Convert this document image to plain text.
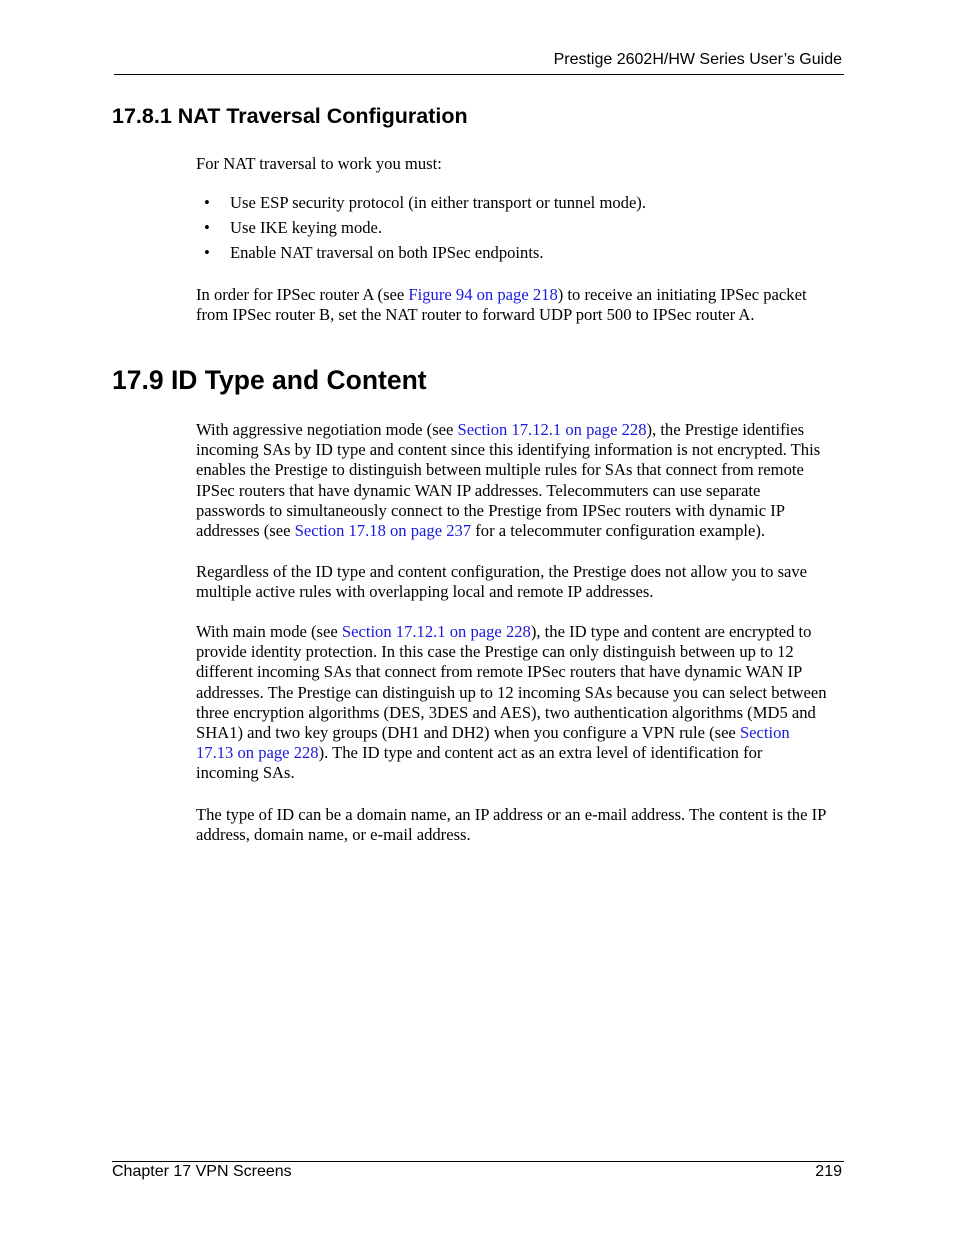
Prestige 2602H/HW Series User’s Guide
17.8.1 NAT Traversal Configuration

For NAT traversal to work you must:

• Use ESP security protocol (in either transport or tunnel mode).
• Use IKE keying mode.
• Enable NAT traversal on both IPSec endpoints.

In order for IPSec router A (see Figure 94 on page 218) to receive an initiating IPSec packet
from IPSec router B, set the NAT router to forward UDP port 500 to IPSec router A.

17.9 ID Type and Content

With aggressive negotiation mode (see Section 17.12.1 on page 228), the Prestige identifies
incoming SAs by ID type and content since this identifying information is not encrypted. This
enables the Prestige to distinguish between multiple rules for SAs that connect from remote
IPSec routers that have dynamic WAN IP addresses. Telecommuters can use separate
passwords to simultaneously connect to the Prestige from IPSec routers with dynamic IP
addresses (see Section 17.18 on page 237 for a telecommuter configuration example).

Regardless of the ID type and content configuration, the Prestige does not allow you to save
multiple active rules with overlapping local and remote IP addresses.

With main mode (see Section 17.12.1 on page 228), the ID type and content are encrypted to
provide identity protection. In this case the Prestige can only distinguish between up to 12
different incoming SAs that connect from remote IPSec routers that have dynamic WAN IP
addresses. The Prestige can distinguish up to 12 incoming SAs because you can select between
three encryption algorithms (DES, 3DES and AES), two authentication algorithms (MD5 and
SHA1) and two key groups (DH1 and DH2) when you configure a VPN rule (see Section
17.13 on page 228). The ID type and content act as an extra level of identification for
incoming SAs.

The type of ID can be a domain name, an IP address or an e-mail address. The content is the IP
address, domain name, or e-mail address.

Chapter 17 VPN Screens	219
